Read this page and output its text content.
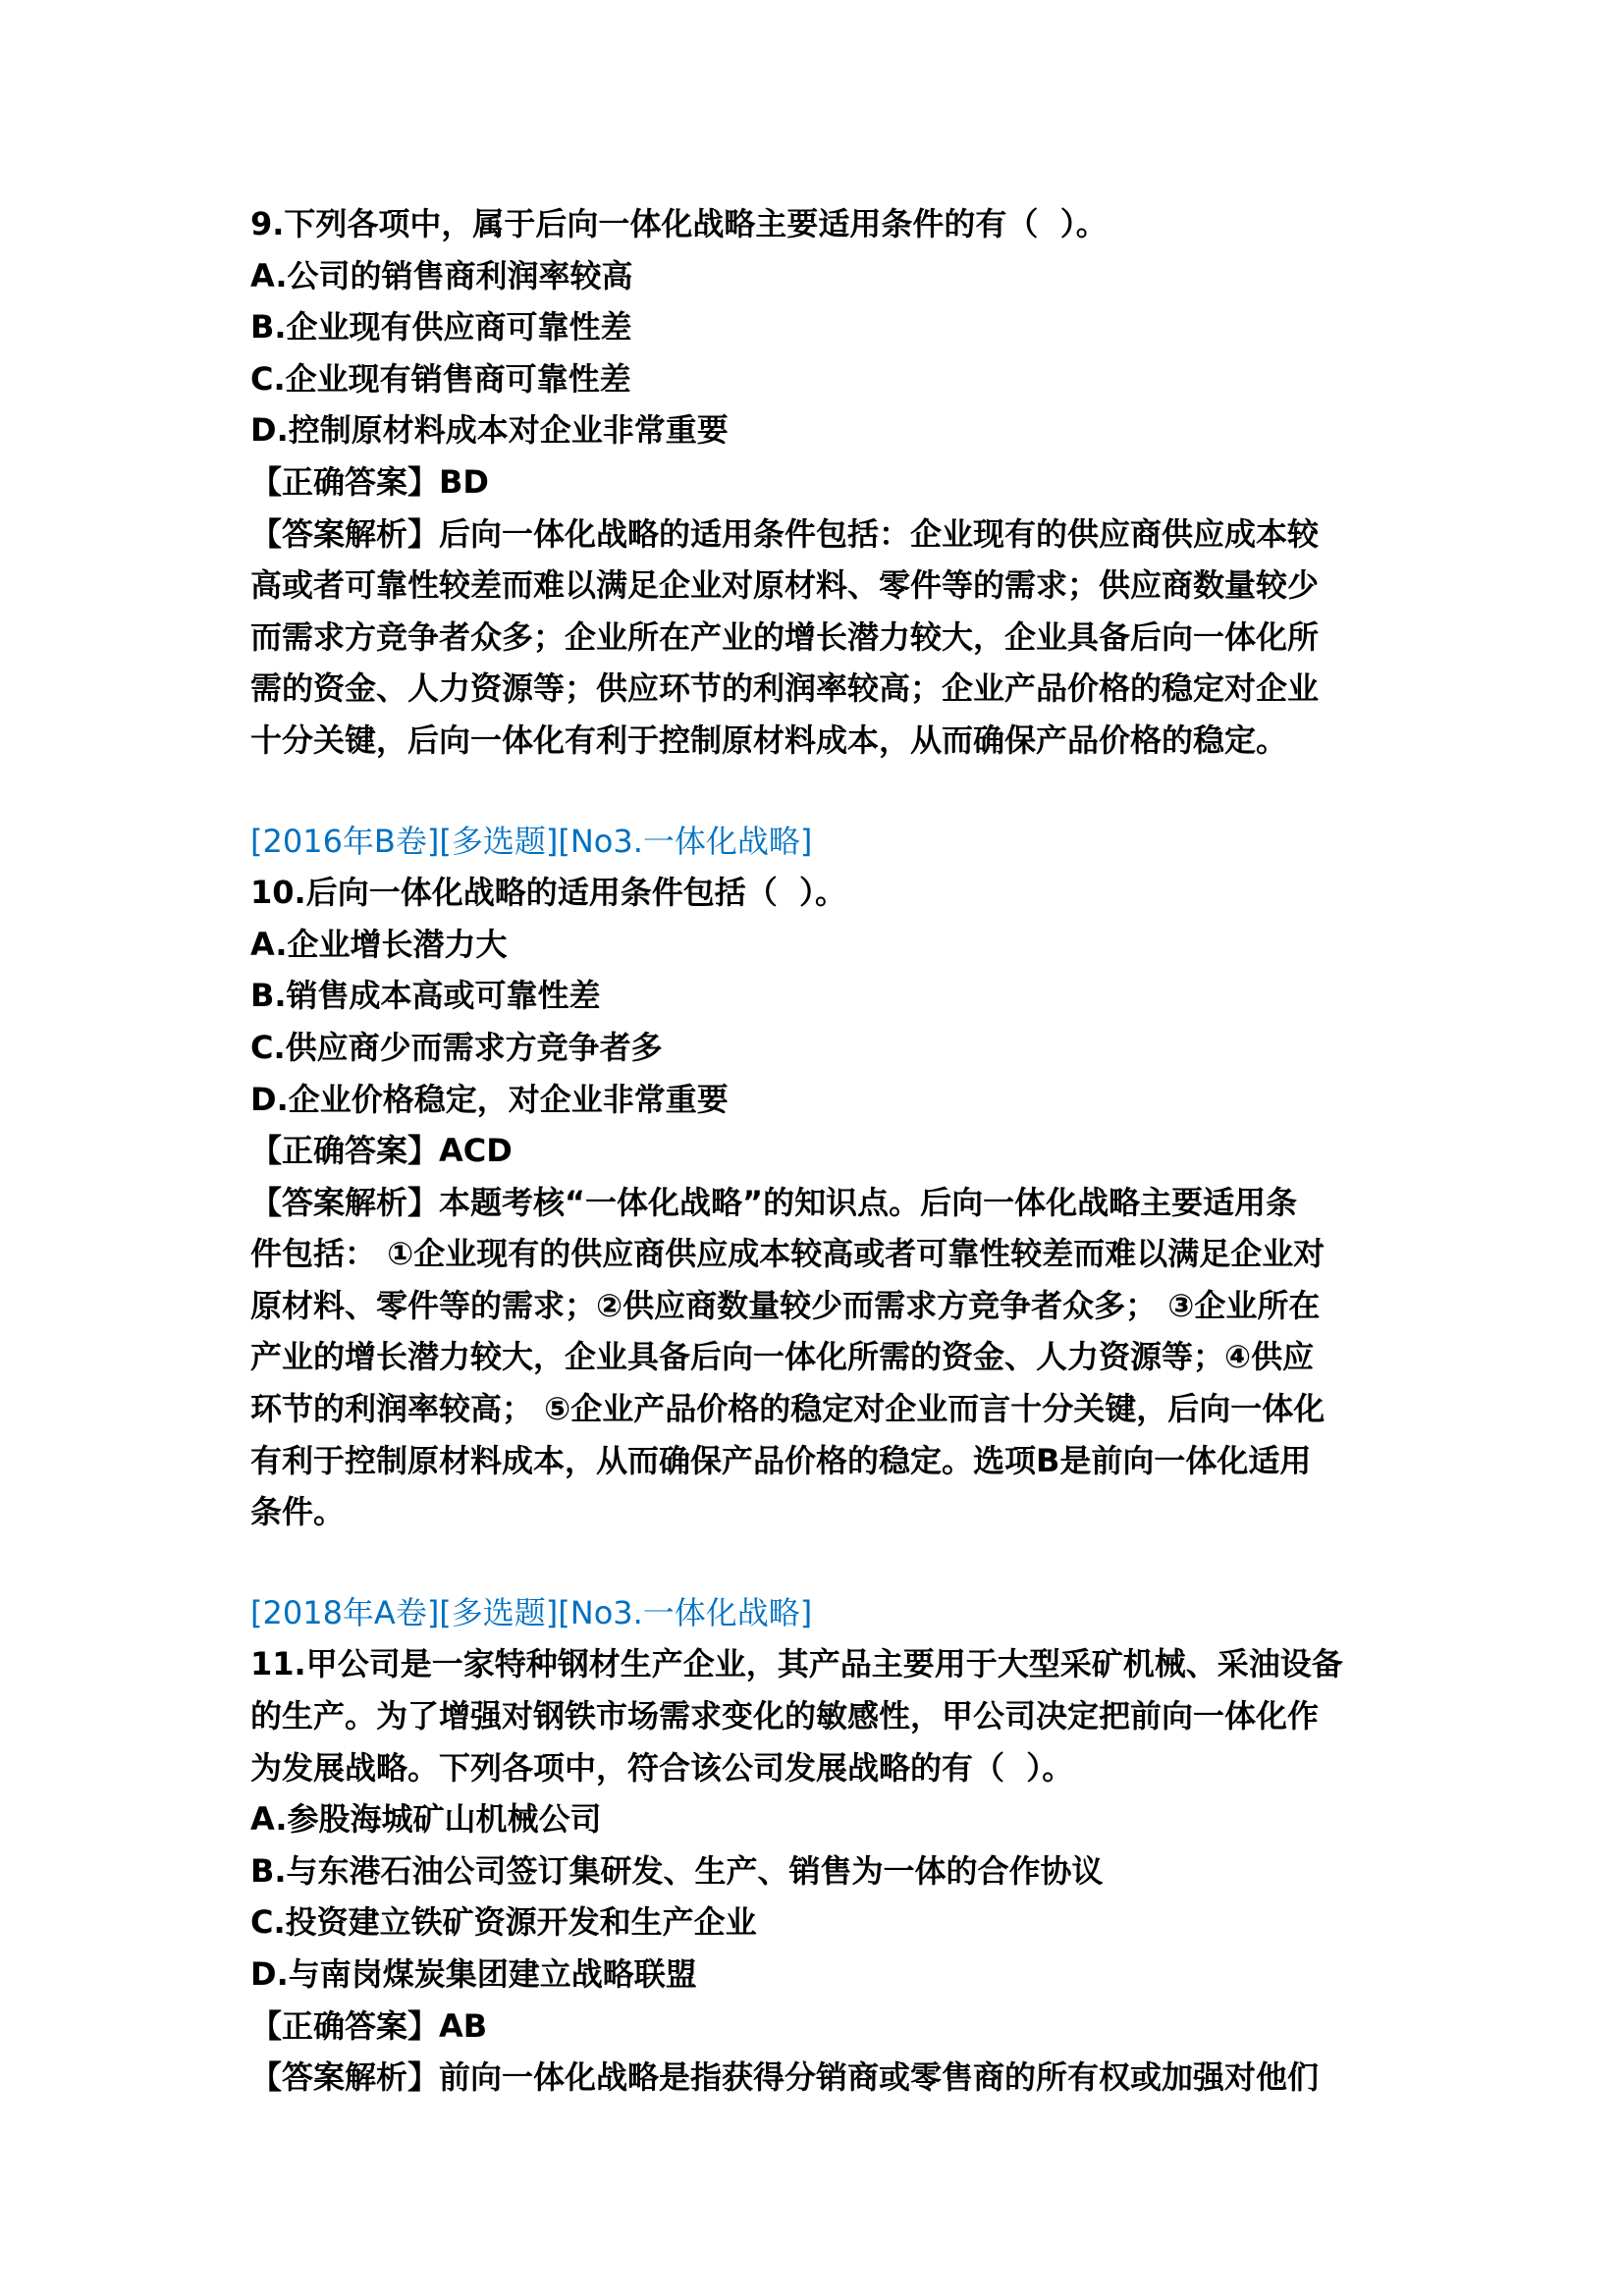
9.下列各项中，属于后向一体化战略主要适用条件的有（  ）。
A.公司的销售商利润率较高
B.企业现有供应商可靠性差
C.企业现有销售商可靠性差
D.控制原材料成本对企业非常重要
【正确答案】BD
【答案解析】后向一体化战略的适用条件包括：企业现有的供应商供应成本较
高或者可靠性较差而难以满足企业对原材料、零件等的需求；供应商数量较少
而需求方竞争者众多；企业所在产业的增长潜力较大，企业具备后向一体化所
需的资金、人力资源等；供应环节的利润率较高；企业产品价格的稳定对企业
十分关键，后向一体化有利于控制原材料成本，从而确保产品价格的稳定。
[2016年B卷][多选题][No3.一体化战略]
10.后向一体化战略的适用条件包括（  ）。
A.企业增长潜力大
B.销售成本高或可靠性差
C.供应商少而需求方竞争者多
D.企业价格稳定，对企业非常重要
【正确答案】ACD
【答案解析】本题考核“一体化战略”的知识点。后向一体化战略主要适用条
件包括： ①企业现有的供应商供应成本较高或者可靠性较差而难以满足企业对
原材料、零件等的需求；②供应商数量较少而需求方竞争者众多； ③企业所在
产业的增长潜力较大，企业具备后向一体化所需的资金、人力资源等；④供应
环节的利润率较高； ⑤企业产品价格的稳定对企业而言十分关键，后向一体化
有利于控制原材料成本，从而确保产品价格的稳定。选项B是前向一体化适用
条件。
[2018年A卷][多选题][No3.一体化战略]
11.甲公司是一家特种钢材生产企业，其产品主要用于大型采矿机械、采油设备
的生产。为了增强对钢铁市场需求变化的敏感性，甲公司决定把前向一体化作
为发展战略。下列各项中，符合该公司发展战略的有（  ）。
A.参股海城矿山机械公司
B.与东港石油公司签订集研发、生产、销售为一体的合作协议
C.投资建立铁矿资源开发和生产企业
D.与南岗煤炭集团建立战略联盟
【正确答案】AB
【答案解析】前向一体化战略是指获得分销商或零售商的所有权或加强对他们
